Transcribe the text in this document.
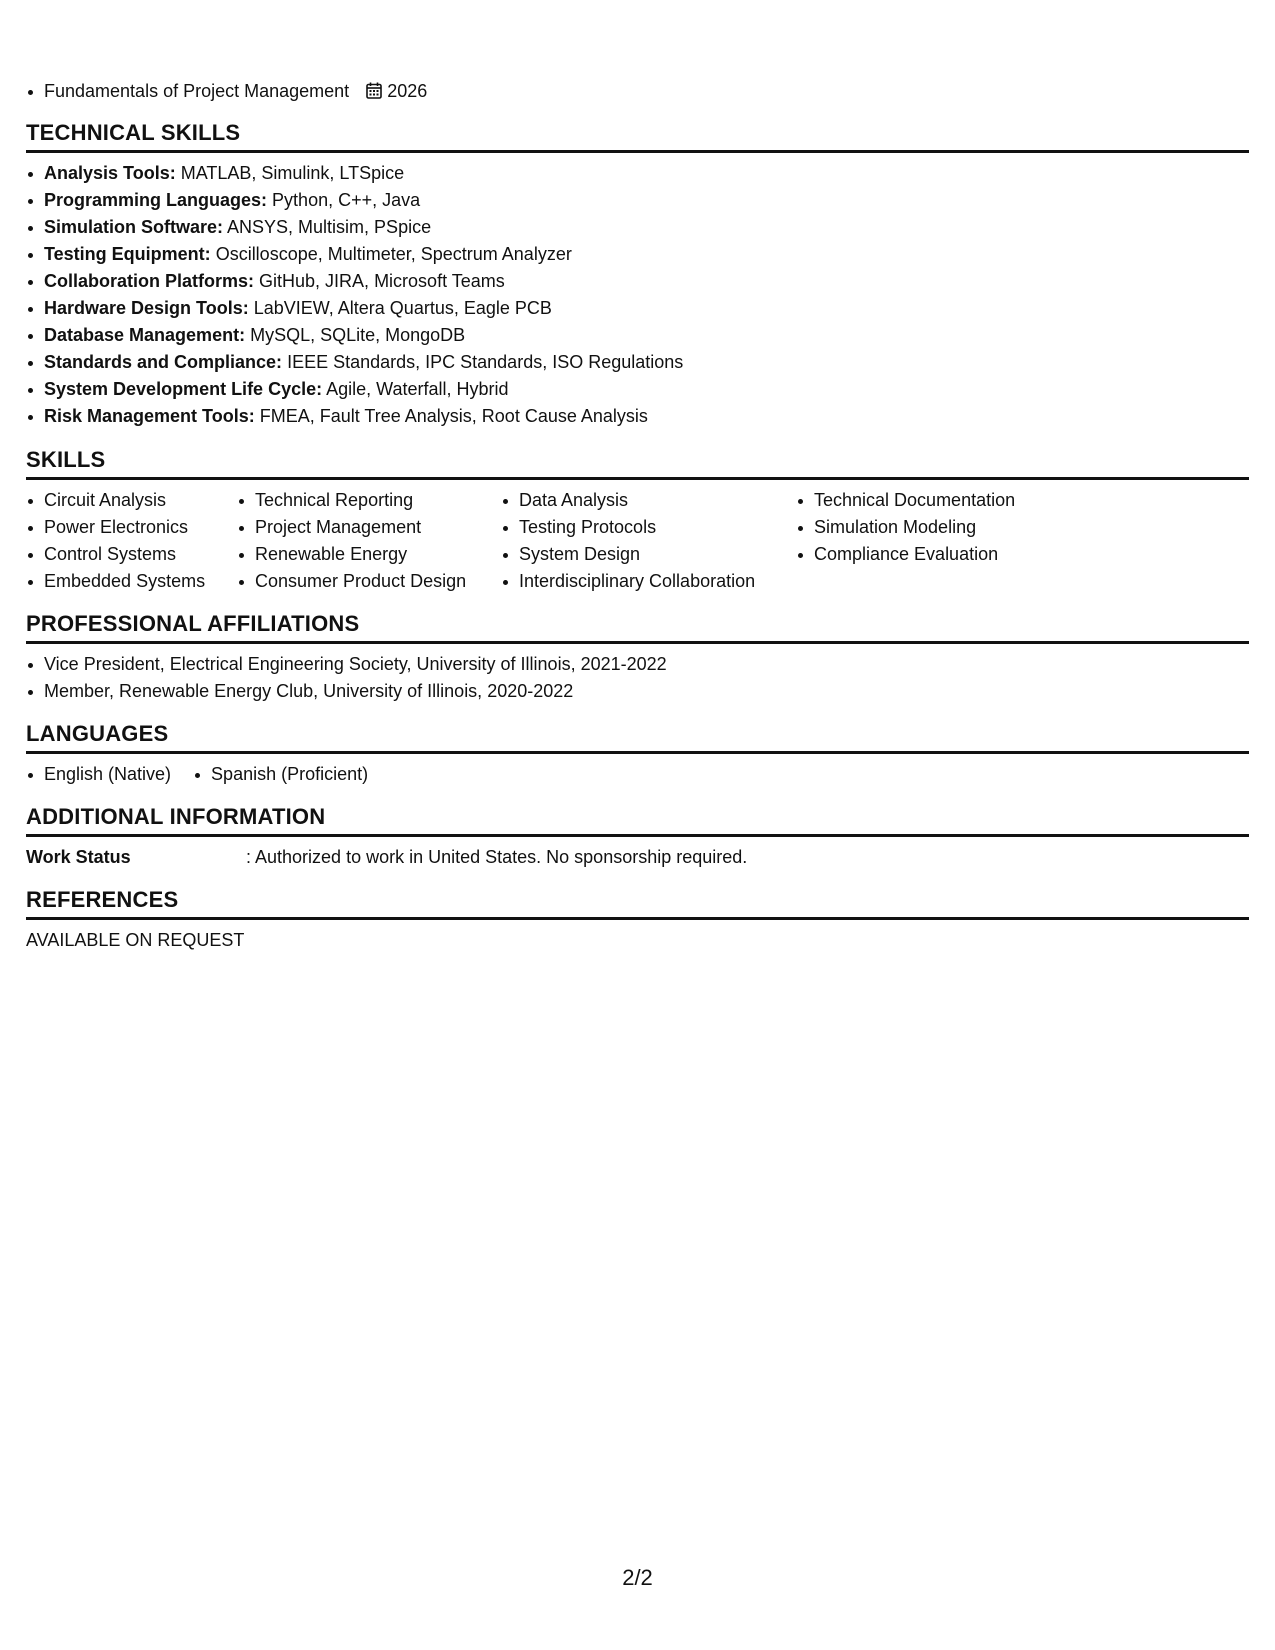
Fundamentals of Project Management 2026
TECHNICAL SKILLS
Analysis Tools: MATLAB, Simulink, LTSpice
Programming Languages: Python, C++, Java
Simulation Software: ANSYS, Multisim, PSpice
Testing Equipment: Oscilloscope, Multimeter, Spectrum Analyzer
Collaboration Platforms: GitHub, JIRA, Microsoft Teams
Hardware Design Tools: LabVIEW, Altera Quartus, Eagle PCB
Database Management: MySQL, SQLite, MongoDB
Standards and Compliance: IEEE Standards, IPC Standards, ISO Regulations
System Development Life Cycle: Agile, Waterfall, Hybrid
Risk Management Tools: FMEA, Fault Tree Analysis, Root Cause Analysis
SKILLS
Circuit Analysis
Power Electronics
Control Systems
Embedded Systems
Technical Reporting
Project Management
Renewable Energy
Consumer Product Design
Data Analysis
Testing Protocols
System Design
Interdisciplinary Collaboration
Technical Documentation
Simulation Modeling
Compliance Evaluation
PROFESSIONAL AFFILIATIONS
Vice President, Electrical Engineering Society, University of Illinois, 2021-2022
Member, Renewable Energy Club, University of Illinois, 2020-2022
LANGUAGES
English (Native)	Spanish (Proficient)
ADDITIONAL INFORMATION
Work Status	: Authorized to work in United States. No sponsorship required.
REFERENCES
AVAILABLE ON REQUEST
2/2
